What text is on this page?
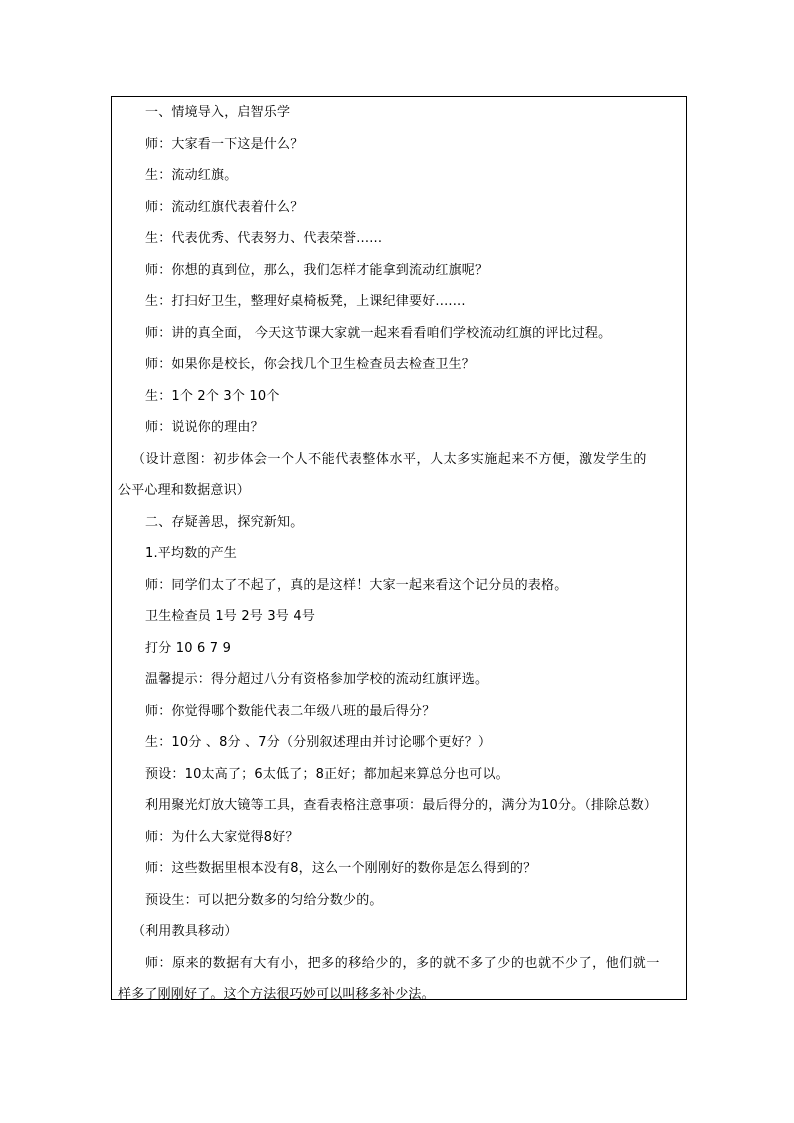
一、情境导入，启智乐学
师：大家看一下这是什么？
生：流动红旗。
师：流动红旗代表着什么？
生：代表优秀、代表努力、代表荣誉......
师：你想的真到位，那么，我们怎样才能拿到流动红旗呢？
生：打扫好卫生，整理好桌椅板凳，上课纪律要好.......
师：讲的真全面， 今天这节课大家就一起来看看咱们学校流动红旗的评比过程。
师：如果你是校长，你会找几个卫生检查员去检查卫生？
生：1个 2个 3个 10个
师：说说你的理由？
（设计意图：初步体会一个人不能代表整体水平，人太多实施起来不方便，激发学生的
公平心理和数据意识）
二、存疑善思，探究新知。
1.平均数的产生
师：同学们太了不起了，真的是这样！大家一起来看这个记分员的表格。
卫生检查员 1号 2号 3号 4号
打分 10 6 7 9
温馨提示：得分超过八分有资格参加学校的流动红旗评选。
师：你觉得哪个数能代表二年级八班的最后得分？
生：10分 、8分 、7分（分别叙述理由并讨论哪个更好？）
预设：10太高了；6太低了；8正好；都加起来算总分也可以。
利用聚光灯放大镜等工具，查看表格注意事项：最后得分的，满分为10分。（排除总数）
师：为什么大家觉得8好？
师：这些数据里根本没有8，这么一个刚刚好的数你是怎么得到的？
预设生：可以把分数多的匀给分数少的。
（利用教具移动）
师：原来的数据有大有小，把多的移给少的，多的就不多了少的也就不少了，他们就一
样多了刚刚好了。这个方法很巧妙可以叫移多补少法。
